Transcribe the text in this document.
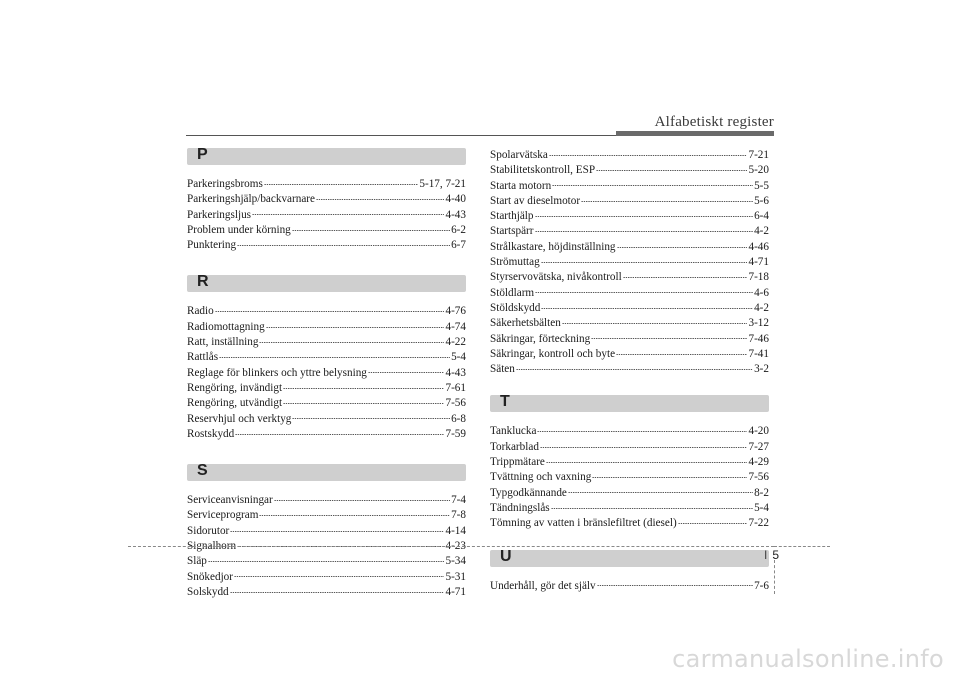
Alfabetiskt register
P
Parkeringsbroms	5-17, 7-21
Parkeringshjälp/backvarnare	4-40
Parkeringsljus	4-43
Problem under körning	6-2
Punktering	6-7
R
Radio	4-76
Radiomottagning	4-74
Ratt, inställning	4-22
Rattlås	5-4
Reglage för blinkers och yttre belysning	4-43
Rengöring, invändigt	7-61
Rengöring, utvändigt	7-56
Reservhjul och verktyg	6-8
Rostskydd	7-59
S
Serviceanvisningar	7-4
Serviceprogram	7-8
Sidorutor	4-14
Signalhorn	4-23
Släp	5-34
Snökedjor	5-31
Solskydd	4-71
Spolarvätska	7-21
Stabilitetskontroll, ESP	5-20
Starta motorn	5-5
Start av dieselmotor	5-6
Starthjälp	6-4
Startspärr	4-2
Strålkastare, höjdinställning	4-46
Strömuttag	4-71
Styrservovätska, nivåkontroll	7-18
Stöldlarm	4-6
Stöldskydd	4-2
Säkerhetsbälten	3-12
Säkringar, förteckning	7-46
Säkringar, kontroll och byte	7-41
Säten	3-2
T
Tanklucka	4-20
Torkarblad	7-27
Trippmätare	4-29
Tvättning och vaxning	7-56
Typgodkännande	8-2
Tändningslås	5-4
Tömning av vatten i bränslefiltret (diesel)	7-22
U
Underhåll, gör det själv	7-6
I 5
carmanualsonline.info
